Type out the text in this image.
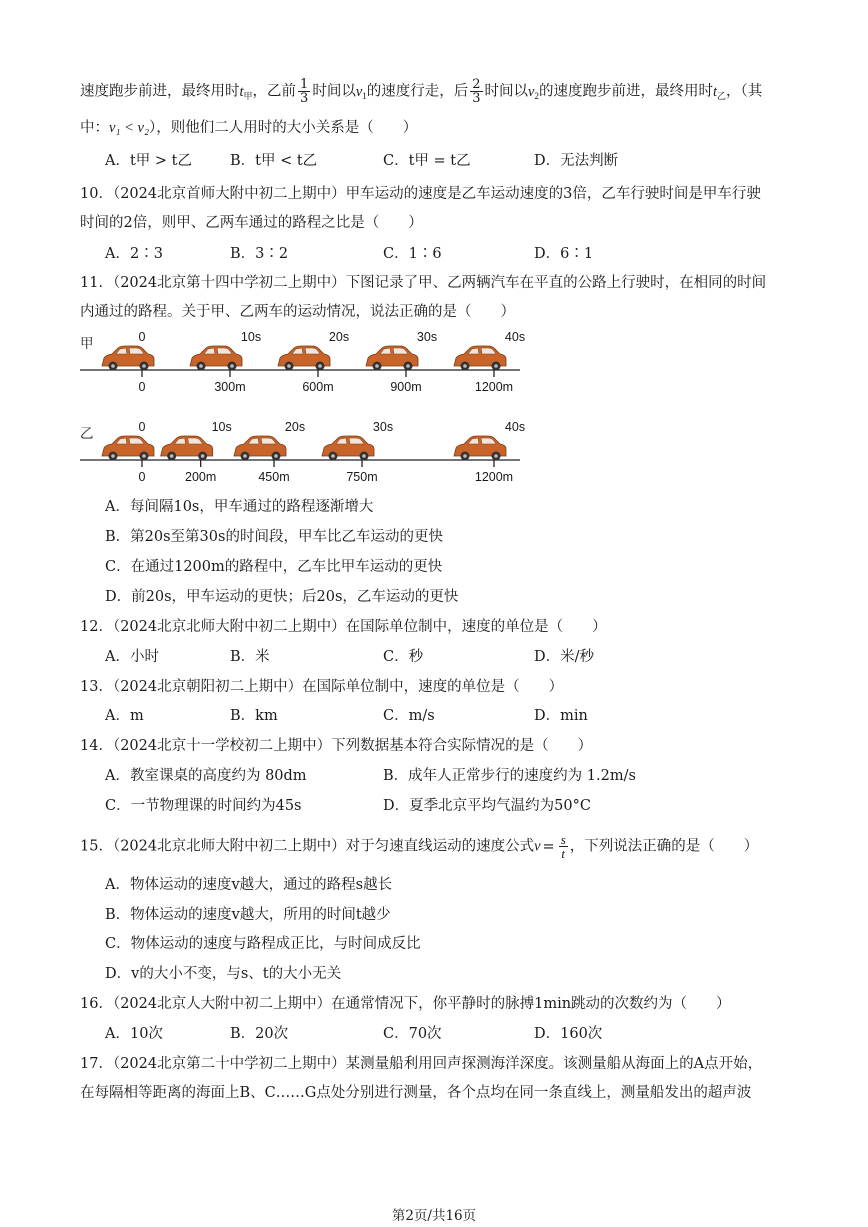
速度跑步前进，最终用时$t_甲$，乙前 $\frac{1}{3}$ 时间以$v_1$的速度行走，后 $\frac{2}{3}$ 时间以$v_2$的速度跑步前进，最终用时$t_乙$，（其
中：v₁ < v₂），则他们二人用时的大小关系是（　　）
A．t甲 > t乙	B．t甲 < t乙	C．t甲 = t乙	D．无法判断
10．（2024北京首师大附中初二上期中）甲车运动的速度是乙车运动速度的3倍，乙车行驶时间是甲车行驶
时间的2倍，则甲、乙两车通过的路程之比是（　　）
A．2∶3	B．3∶2	C．1∶6	D．6∶1
11．（2024北京第十四中学初二上期中）下图记录了甲、乙两辆汽车在平直的公路上行驶时，在相同的时间
内通过的路程。关于甲、乙两车的运动情况，说法正确的是（　　）
甲
0
0
300m
10s
600m
20s
900m
30s
1200m
40s
乙
0
0
200m
10s
450m
20s
750m
30s
1200m
40s
A．每间隔10s，甲车通过的路程逐渐增大
B．第20s至第30s的时间段，甲车比乙车运动的更快
C．在通过1200m的路程中，乙车比甲车运动的更快
D．前20s，甲车运动的更快；后20s，乙车运动的更快
12．（2024北京北师大附中初二上期中）在国际单位制中，速度的单位是（　　）
A．小时	B．米	C．秒	D．米/秒
13．（2024北京朝阳初二上期中）在国际单位制中，速度的单位是（　　）
A．m	B．km	C．m/s	D．min
14．（2024北京十一学校初二上期中）下列数据基本符合实际情况的是（　　）
A．教室课桌的高度约为 80dm	B．成年人正常步行的速度约为 1.2m/s
C．一节物理课的时间约为45s	D．夏季北京平均气温约为50°C
15．（2024北京北师大附中初二上期中）对于匀速直线运动的速度公式$v = \frac{s}{t}$ ，下列说法正确的是（　　）
A．物体运动的速度v越大，通过的路程s越长
B．物体运动的速度v越大，所用的时间t越少
C．物体运动的速度与路程成正比，与时间成反比
D．v的大小不变，与s、t的大小无关
16．（2024北京人大附中初二上期中）在通常情况下，你平静时的脉搏1min跳动的次数约为（　　）
A．10次	B．20次	C．70次	D．160次
17．（2024北京第二十中学初二上期中）某测量船利用回声探测海洋深度。该测量船从海面上的A点开始，
在每隔相等距离的海面上B、C……G点处分别进行测量，各个点均在同一条直线上，测量船发出的超声波
第2页/共16页
